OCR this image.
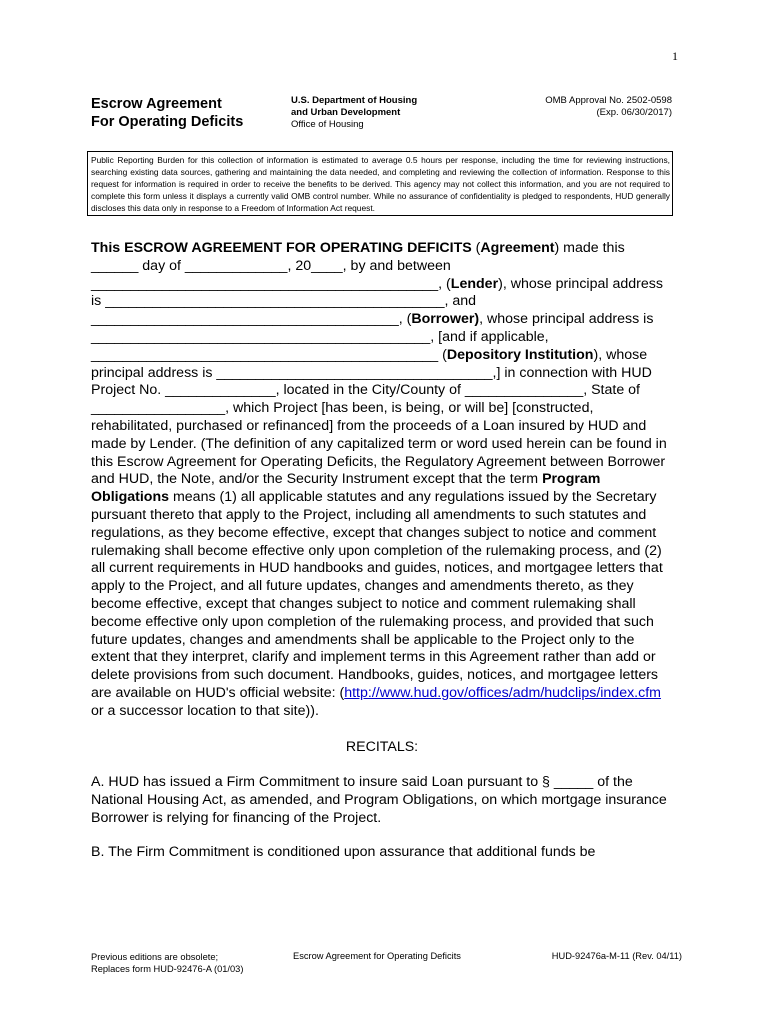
1
Escrow Agreement
For Operating Deficits
U.S. Department of Housing
and Urban Development
Office of Housing
OMB Approval No. 2502-0598
(Exp. 06/30/2017)
Public Reporting Burden for this collection of information is estimated to average 0.5 hours per response, including the time for reviewing instructions, searching existing data sources, gathering and maintaining the data needed, and completing and reviewing the collection of information. Response to this request for information is required in order to receive the benefits to be derived. This agency may not collect this information, and you are not required to complete this form unless it displays a currently valid OMB control number. While no assurance of confidentiality is pledged to respondents, HUD generally discloses this data only in response to a Freedom of Information Act request.

This ESCROW AGREEMENT FOR OPERATING DEFICITS (Agreement) made this ______ day of _____________, 20____, by and between ____________________________________________, (Lender), whose principal address is ___________________________________________, and _______________________________________, (Borrower), whose principal address is ___________________________________________, [and if applicable, ____________________________________________ (Depository Institution), whose principal address is ___________________________________,] in connection with HUD Project No. ______________, located in the City/County of _______________, State of _________________, which Project [has been, is being, or will be] [constructed, rehabilitated, purchased or refinanced] from the proceeds of a Loan insured by HUD and made by Lender. (The definition of any capitalized term or word used herein can be found in this Escrow Agreement for Operating Deficits, the Regulatory Agreement between Borrower and HUD, the Note, and/or the Security Instrument except that the term Program Obligations means (1) all applicable statutes and any regulations issued by the Secretary pursuant thereto that apply to the Project, including all amendments to such statutes and regulations, as they become effective, except that changes subject to notice and comment rulemaking shall become effective only upon completion of the rulemaking process, and (2) all current requirements in HUD handbooks and guides, notices, and mortgagee letters that apply to the Project, and all future updates, changes and amendments thereto, as they become effective, except that changes subject to notice and comment rulemaking shall become effective only upon completion of the rulemaking process, and provided that such future updates, changes and amendments shall be applicable to the Project only to the extent that they interpret, clarify and implement terms in this Agreement rather than add or delete provisions from such document. Handbooks, guides, notices, and mortgagee letters are available on HUD's official website: (http://www.hud.gov/offices/adm/hudclips/index.cfm or a successor location to that site)).

RECITALS:

A. HUD has issued a Firm Commitment to insure said Loan pursuant to § _____ of the National Housing Act, as amended, and Program Obligations, on which mortgage insurance Borrower is relying for financing of the Project.

B. The Firm Commitment is conditioned upon assurance that additional funds be

Previous editions are obsolete;
Replaces form HUD-92476-A (01/03)
Escrow Agreement for Operating Deficits	HUD-92476a-M-11 (Rev. 04/11)
